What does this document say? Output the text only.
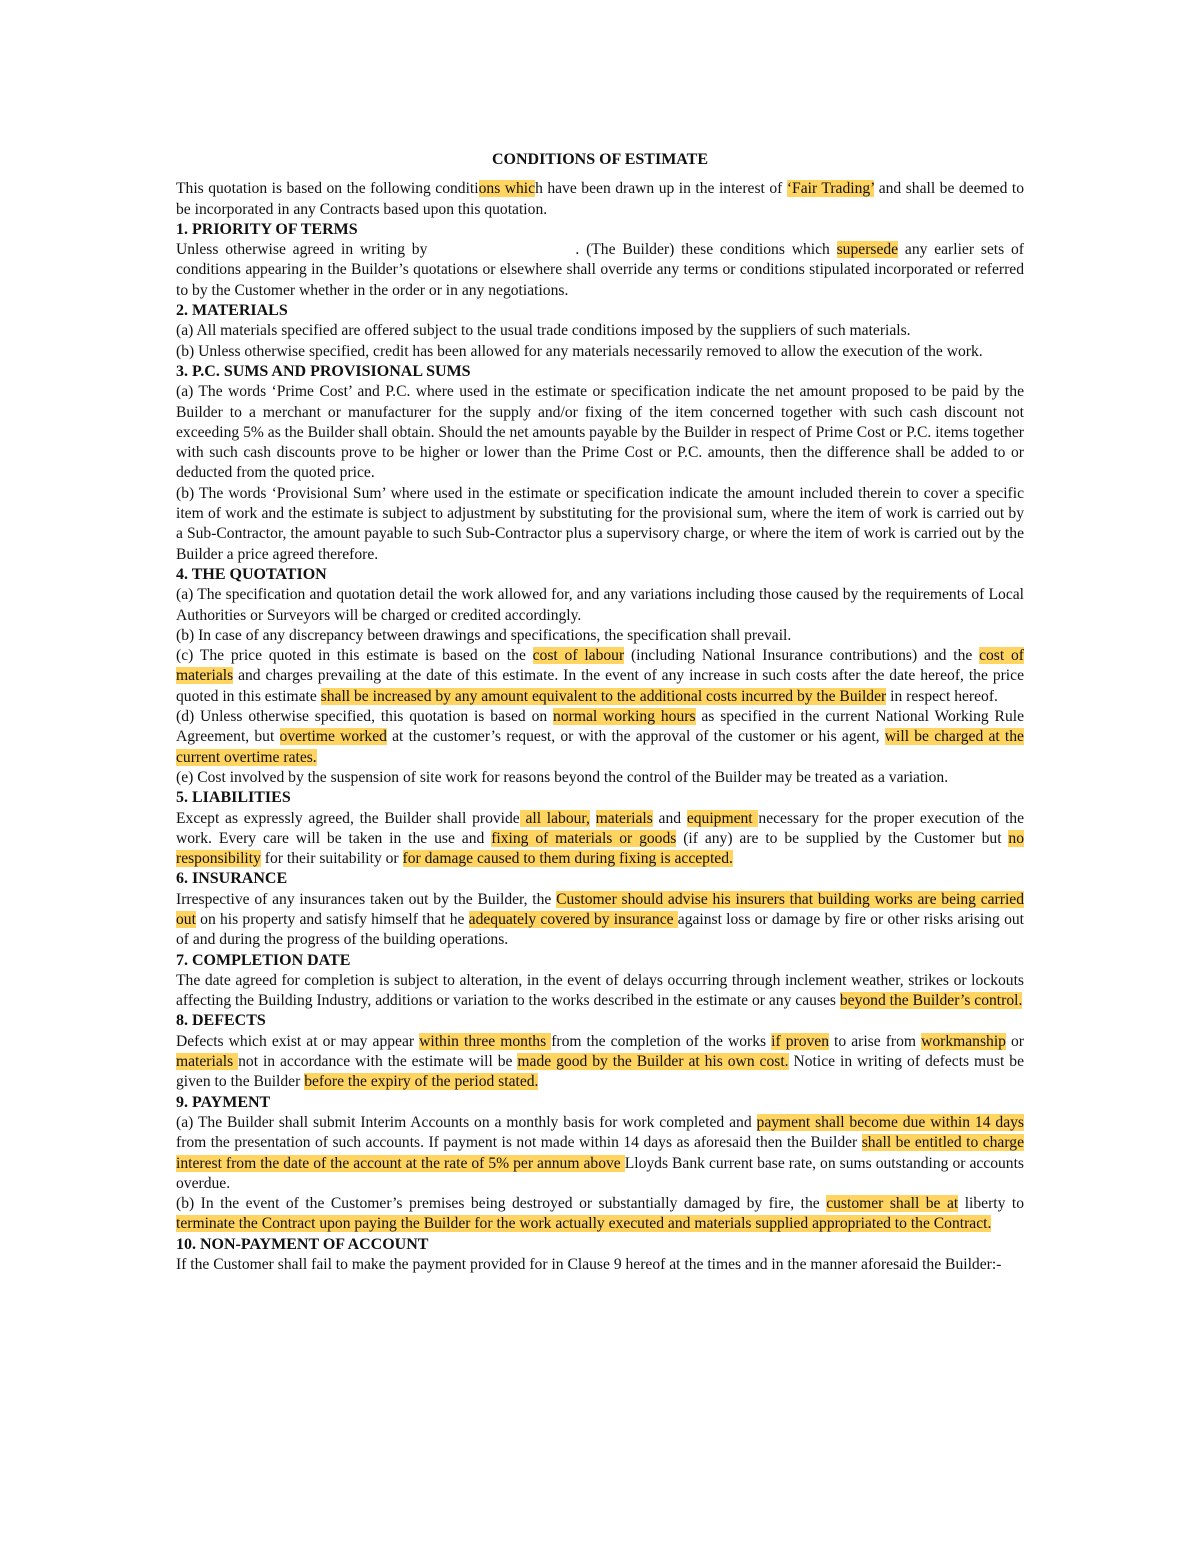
CONDITIONS OF ESTIMATE

This quotation is based on the following conditions which have been drawn up in the interest of ‘Fair Trading’ and shall be deemed to be incorporated in any Contracts based upon this quotation.

1. PRIORITY OF TERMS

Unless otherwise agreed in writing by	. (The Builder) these conditions which supersede any earlier sets of conditions appearing in the Builder’s quotations or elsewhere shall override any terms or conditions stipulated incorporated or referred to by the Customer whether in the order or in any negotiations.

2. MATERIALS

(a) All materials specified are offered subject to the usual trade conditions imposed by the suppliers of such materials.

(b) Unless otherwise specified, credit has been allowed for any materials necessarily removed to allow the execution of the work.

3. P.C. SUMS AND PROVISIONAL SUMS

(a) The words ‘Prime Cost’ and P.C. where used in the estimate or specification indicate the net amount proposed to be paid by the Builder to a merchant or manufacturer for the supply and/or fixing of the item concerned together with such cash discount not exceeding 5% as the Builder shall obtain. Should the net amounts payable by the Builder in respect of Prime Cost or P.C. items together with such cash discounts prove to be higher or lower than the Prime Cost or P.C. amounts, then the difference shall be added to or deducted from the quoted price.

(b) The words ‘Provisional Sum’ where used in the estimate or specification indicate the amount included therein to cover a specific item of work and the estimate is subject to adjustment by substituting for the provisional sum, where the item of work is carried out by a Sub-Contractor, the amount payable to such Sub-Contractor plus a supervisory charge, or where the item of work is carried out by the Builder a price agreed therefore.

4. THE QUOTATION

(a) The specification and quotation detail the work allowed for, and any variations including those caused by the requirements of Local Authorities or Surveyors will be charged or credited accordingly.

(b) In case of any discrepancy between drawings and specifications, the specification shall prevail.

(c) The price quoted in this estimate is based on the cost of labour (including National Insurance contributions) and the cost of materials and charges prevailing at the date of this estimate. In the event of any increase in such costs after the date hereof, the price quoted in this estimate shall be increased by any amount equivalent to the additional costs incurred by the Builder in respect hereof.

(d) Unless otherwise specified, this quotation is based on normal working hours as specified in the current National Working Rule Agreement, but overtime worked at the customer’s request, or with the approval of the customer or his agent, will be charged at the current overtime rates.

(e) Cost involved by the suspension of site work for reasons beyond the control of the Builder may be treated as a variation.

5. LIABILITIES

Except as expressly agreed, the Builder shall provide all labour, materials and equipment necessary for the proper execution of the work. Every care will be taken in the use and fixing of materials or goods (if any) are to be supplied by the Customer but no responsibility for their suitability or for damage caused to them during fixing is accepted.

6. INSURANCE

Irrespective of any insurances taken out by the Builder, the Customer should advise his insurers that building works are being carried out on his property and satisfy himself that he adequately covered by insurance against loss or damage by fire or other risks arising out of and during the progress of the building operations.

7. COMPLETION DATE

The date agreed for completion is subject to alteration, in the event of delays occurring through inclement weather, strikes or lockouts affecting the Building Industry, additions or variation to the works described in the estimate or any causes beyond the Builder’s control.

8. DEFECTS

Defects which exist at or may appear within three months from the completion of the works if proven to arise from workmanship or materials not in accordance with the estimate will be made good by the Builder at his own cost. Notice in writing of defects must be given to the Builder before the expiry of the period stated.

9. PAYMENT

(a) The Builder shall submit Interim Accounts on a monthly basis for work completed and payment shall become due within 14 days from the presentation of such accounts. If payment is not made within 14 days as aforesaid then the Builder shall be entitled to charge interest from the date of the account at the rate of 5% per annum above Lloyds Bank current base rate, on sums outstanding or accounts overdue.

(b) In the event of the Customer’s premises being destroyed or substantially damaged by fire, the customer shall be at liberty to terminate the Contract upon paying the Builder for the work actually executed and materials supplied appropriated to the Contract.

10. NON-PAYMENT OF ACCOUNT

If the Customer shall fail to make the payment provided for in Clause 9 hereof at the times and in the manner aforesaid the Builder:-
